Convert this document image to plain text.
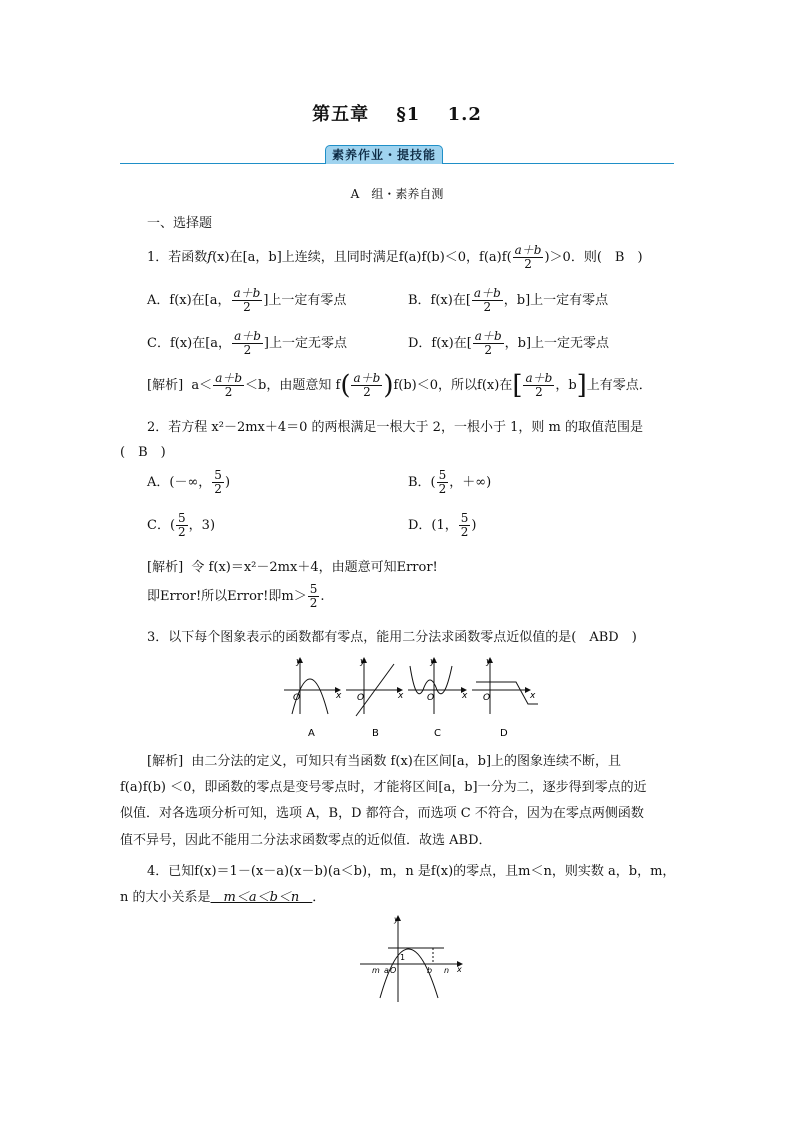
第五章 §1 1.2
素养作业・提技能
A　组・素养自测
一、选择题
1．若函数f(x)在[a，b]上连续，且同时满足f(a)f(b)＜0，$f(a)f( \frac{a+b}{2} )>0$．则(　B　)
A．f(x)在[a， $\frac{a+b}{2}$ ]上一定有零点	B．f(x)在[ $\frac{a+b}{2}$ ，b]上一定有零点
C．f(x)在[a， $\frac{a+b}{2}$ ]上一定无零点	D．f(x)在[ $\frac{a+b}{2}$ ，b]上一定无零点
[解析] $a< \frac{a+b}{2} <b$，由题意知 $f( \frac{a+b}{2} )f(b)<0$，所以f(x)在[ $\frac{a+b}{2}$ ，b]上有零点．
2．若方程 x²－2mx＋4＝0 的两根满足一根大于 2，一根小于 1，则 m 的取值范围是
(　B　)
A．(－∞， $\frac{5}{2}$ )	B．( $\frac{5}{2}$ ，＋∞)
C．( $\frac{5}{2}$ ，3)	D．(1， $\frac{5}{2}$ )
[解析] 令 f(x)＝x²－2mx＋4，由题意可知Error!
即Error!所以Error!即$m> \frac{5}{2}$ .
3．以下每个图象表示的函数都有零点，能用二分法求函数零点近似值的是(　ABD　)
y
x
O
A
y
x
O
B
y
x
O
C
y
x
O
D
[解析] 由二分法的定义，可知只有当函数 f(x)在区间[a，b]上的图象连续不断，且
f(a)f(b) ＜0，即函数的零点是变号零点时，才能将区间[a，b]一分为二，逐步得到零点的近
似值．对各选项分析可知，选项 A，B，D 都符合，而选项 C 不符合，因为在零点两侧函数
值不异号，因此不能用二分法求函数零点的近似值．故选 ABD．
4．已知f(x)＝1－(x－a)(x－b)(a＜b)，m，n 是f(x)的零点，且m＜n，则实数 a，b，m，
n 的大小关系是　m＜a＜b＜n　．
y
x
m a O
1
b n
